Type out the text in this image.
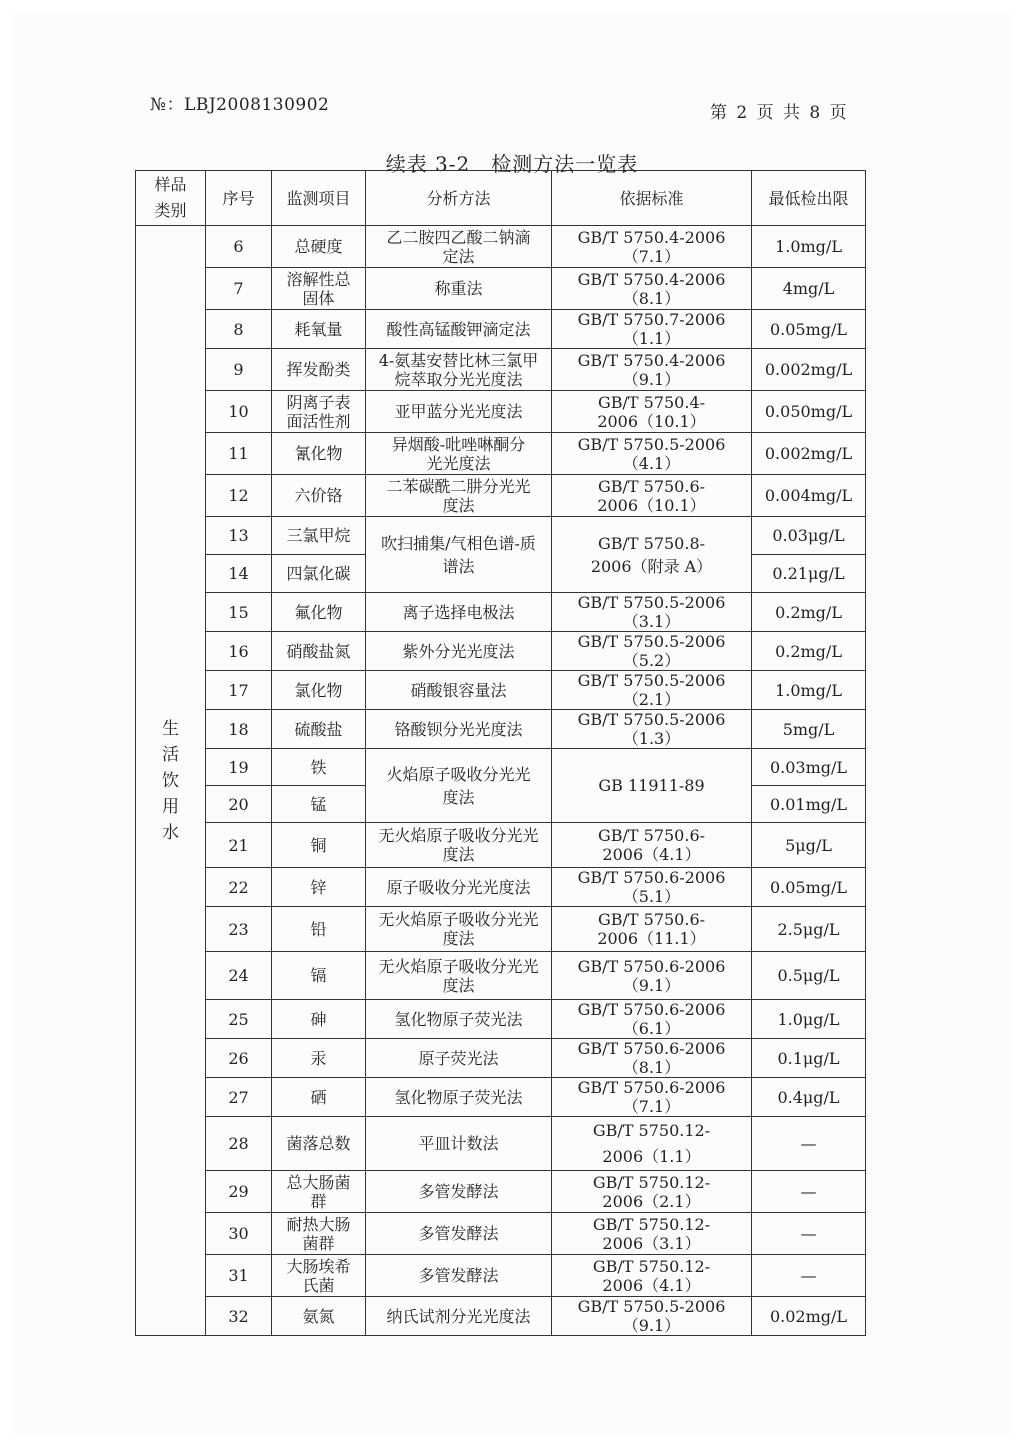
№：LBJ2008130902	第 2 页 共 8 页
续表 3-2　检测方法一览表
样品类别	序号	监测项目	分析方法	依据标准	最低检出限
生活饮用水	6	总硬度	乙二胺四乙酸二钠滴定法	GB/T 5750.4-2006（7.1）	1.0mg/L
	7	溶解性总固体	称重法	GB/T 5750.4-2006（8.1）	4mg/L
	8	耗氧量	酸性高锰酸钾滴定法	GB/T 5750.7-2006（1.1）	0.05mg/L
	9	挥发酚类	4-氨基安替比林三氯甲烷萃取分光光度法	GB/T 5750.4-2006（9.1）	0.002mg/L
	10	阴离子表面活性剂	亚甲蓝分光光度法	GB/T 5750.4-2006（10.1）	0.050mg/L
	11	氰化物	异烟酸-吡唑啉酮分光光度法	GB/T 5750.5-2006（4.1）	0.002mg/L
	12	六价铬	二苯碳酰二肼分光光度法	GB/T 5750.6-2006（10.1）	0.004mg/L
	13	三氯甲烷	吹扫捕集/气相色谱-质谱法	GB/T 5750.8-2006（附录 A）	0.03μg/L
	14	四氯化碳			0.21μg/L
	15	氟化物	离子选择电极法	GB/T 5750.5-2006（3.1）	0.2mg/L
	16	硝酸盐氮	紫外分光光度法	GB/T 5750.5-2006（5.2）	0.2mg/L
	17	氯化物	硝酸银容量法	GB/T 5750.5-2006（2.1）	1.0mg/L
	18	硫酸盐	铬酸钡分光光度法	GB/T 5750.5-2006（1.3）	5mg/L
	19	铁	火焰原子吸收分光光度法	GB 11911-89	0.03mg/L
	20	锰			0.01mg/L
	21	铜	无火焰原子吸收分光光度法	GB/T 5750.6-2006（4.1）	5μg/L
	22	锌	原子吸收分光光度法	GB/T 5750.6-2006（5.1）	0.05mg/L
	23	铅	无火焰原子吸收分光光度法	GB/T 5750.6-2006（11.1）	2.5μg/L
	24	镉	无火焰原子吸收分光光度法	GB/T 5750.6-2006（9.1）	0.5μg/L
	25	砷	氢化物原子荧光法	GB/T 5750.6-2006（6.1）	1.0μg/L
	26	汞	原子荧光法	GB/T 5750.6-2006（8.1）	0.1μg/L
	27	硒	氢化物原子荧光法	GB/T 5750.6-2006（7.1）	0.4μg/L
	28	菌落总数	平皿计数法	GB/T 5750.12-2006（1.1）	—
	29	总大肠菌群	多管发酵法	GB/T 5750.12-2006（2.1）	—
	30	耐热大肠菌群	多管发酵法	GB/T 5750.12-2006（3.1）	—
	31	大肠埃希氏菌	多管发酵法	GB/T 5750.12-2006（4.1）	—
	32	氨氮	纳氏试剂分光光度法	GB/T 5750.5-2006（9.1）	0.02mg/L
